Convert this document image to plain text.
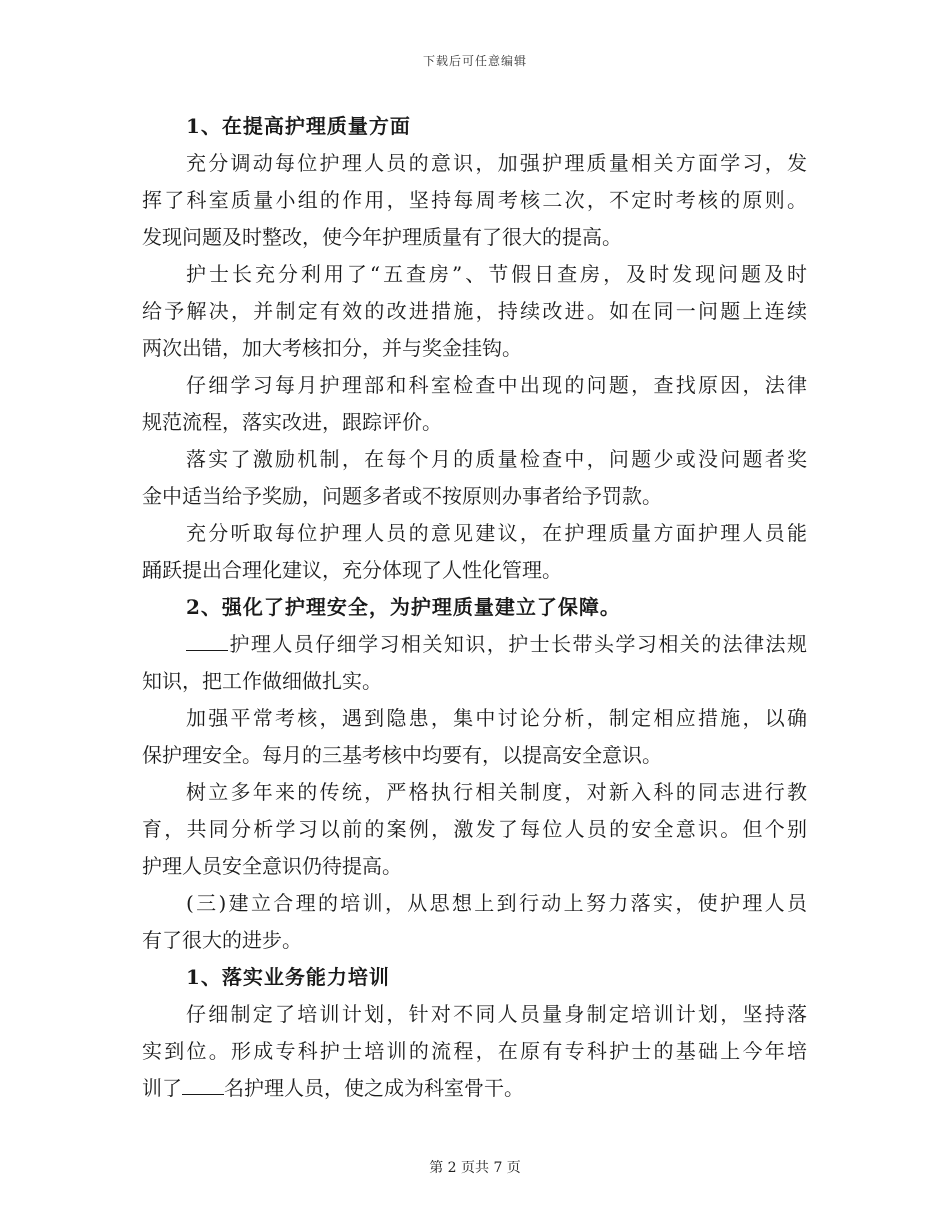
下载后可任意编辑
1、在提高护理质量方面
充分调动每位护理人员的意识，加强护理质量相关方面学习，发
挥了科室质量小组的作用，坚持每周考核二次，不定时考核的原则。
发现问题及时整改，使今年护理质量有了很大的提高。
护士长充分利用了“五查房”、节假日查房，及时发现问题及时
给予解决，并制定有效的改进措施，持续改进。如在同一问题上连续
两次出错，加大考核扣分，并与奖金挂钩。
仔细学习每月护理部和科室检查中出现的问题，查找原因，法律
规范流程，落实改进，跟踪评价。
落实了激励机制，在每个月的质量检查中，问题少或没问题者奖
金中适当给予奖励，问题多者或不按原则办事者给予罚款。
充分听取每位护理人员的意见建议，在护理质量方面护理人员能
踊跃提出合理化建议，充分体现了人性化管理。
2、强化了护理安全，为护理质量建立了保障。
护理人员仔细学习相关知识，护士长带头学习相关的法律法规
知识，把工作做细做扎实。
加强平常考核，遇到隐患，集中讨论分析，制定相应措施，以确
保护理安全。每月的三基考核中均要有，以提高安全意识。
树立多年来的传统，严格执行相关制度，对新入科的同志进行教
育，共同分析学习以前的案例，激发了每位人员的安全意识。但个别
护理人员安全意识仍待提高。
(三)建立合理的培训，从思想上到行动上努力落实，使护理人员
有了很大的进步。
1、落实业务能力培训
仔细制定了培训计划，针对不同人员量身制定培训计划，坚持落
实到位。形成专科护士培训的流程，在原有专科护士的基础上今年培
训了 名护理人员，使之成为科室骨干。
第 2 页共 7 页
